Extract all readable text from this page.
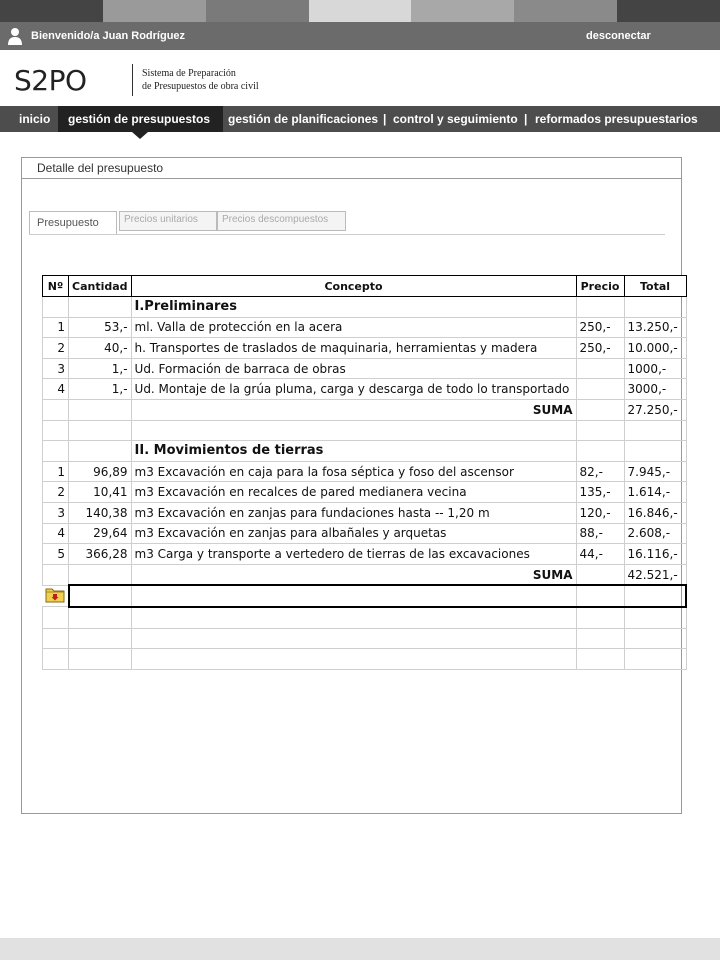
Bienvenido/a Juan Rodríguez	desconectar
S2PO	Sistema de Preparación
de Presupuestos de obra civil
inicio	gestión de planificaciones | control y seguimiento | reformados presupuestarios
gestión de presupuestos
Detalle del presupuesto
Presupuesto	Precios unitarios	Precios descompuestos
Nº	Cantidad	Concepto	Precio	Total
		I.Preliminares		
1	53,-	ml. Valla de protección en la acera	250,-	13.250,-
2	40,-	h. Transportes de traslados de maquinaria, herramientas y madera	250,-	10.000,-
3	1,-	Ud. Formación de barraca de obras		1000,-
4	1,-	Ud. Montaje de la grúa pluma, carga y descarga de todo lo transportado		3000,-
		SUMA		27.250,-

		II. Movimientos de tierras		
1	96,89	m3 Excavación en caja para la fosa séptica y foso del ascensor	82,-	7.945,-
2	10,41	m3 Excavación en recalces de pared medianera vecina	135,-	1.614,-
3	140,38	m3 Excavación en zanjas para fundaciones hasta -- 1,20 m	120,-	16.846,-
4	29,64	m3 Excavación en zanjas para albañales y arquetas	88,-	2.608,-
5	366,28	m3 Carga y transporte a vertedero de tierras de las excavaciones	44,-	16.116,-
		SUMA		42.521,-
